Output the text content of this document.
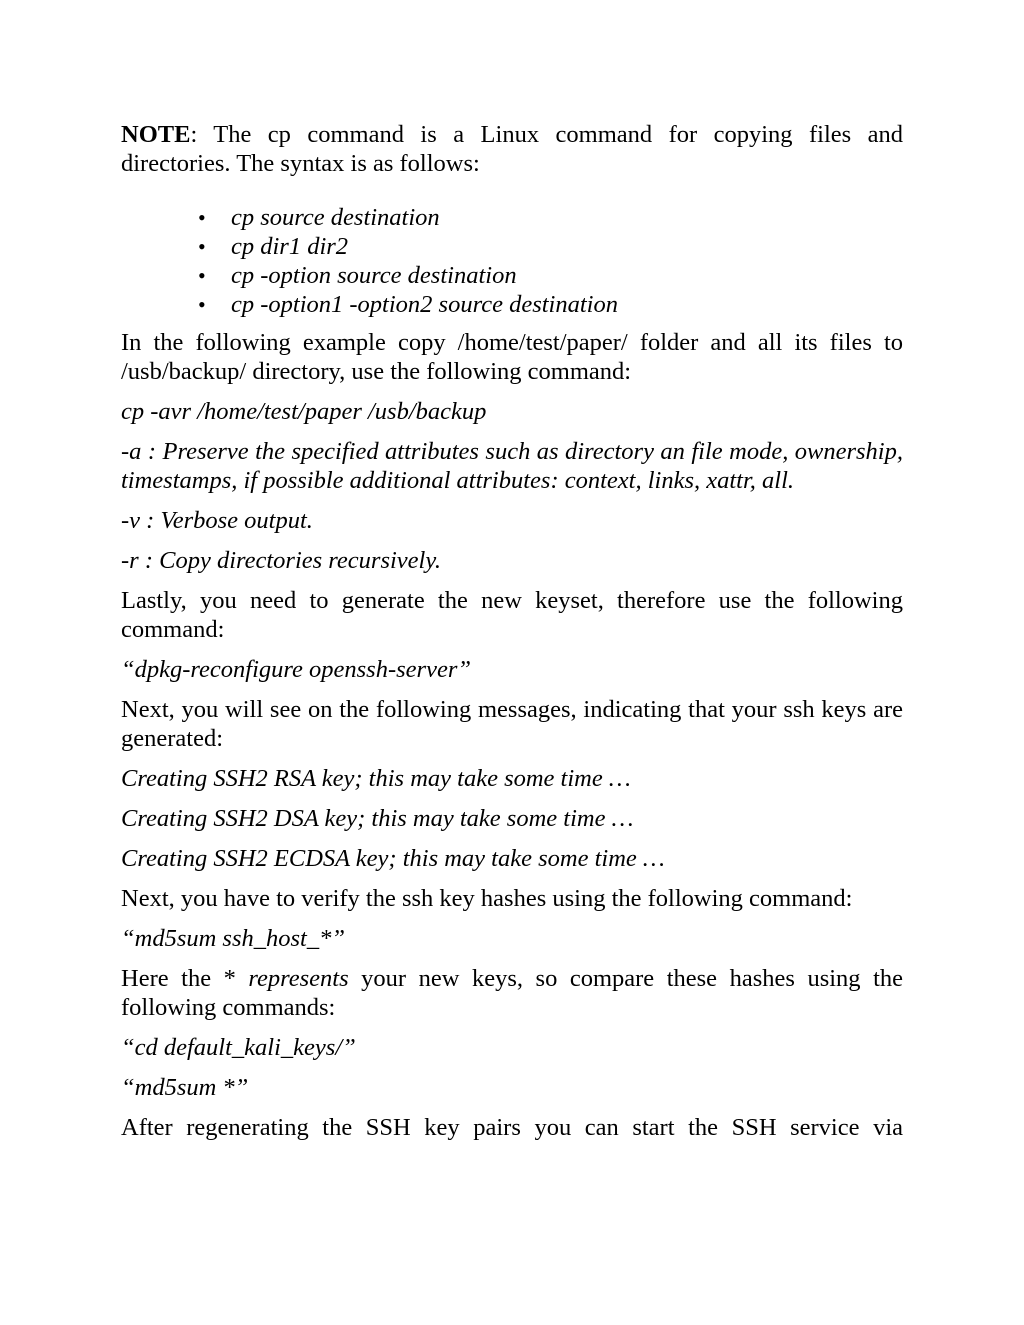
NOTE: The cp command is a Linux command for copying files and directories. The syntax is as follows:

• cp source destination
• cp dir1 dir2
• cp -option source destination
• cp -option1 -option2 source destination

In the following example copy /home/test/paper/ folder and all its files to /usb/backup/ directory, use the following command:

cp -avr /home/test/paper /usb/backup

-a : Preserve the specified attributes such as directory an file mode, ownership, timestamps, if possible additional attributes: context, links, xattr, all.

-v : Verbose output.

-r : Copy directories recursively.

Lastly, you need to generate the new keyset, therefore use the following command:

“dpkg-reconfigure openssh-server”

Next, you will see on the following messages, indicating that your ssh keys are generated:

Creating SSH2 RSA key; this may take some time …

Creating SSH2 DSA key; this may take some time …

Creating SSH2 ECDSA key; this may take some time …

Next, you have to verify the ssh key hashes using the following command:

“md5sum ssh_host_*”

Here the * represents your new keys, so compare these hashes using the following commands:

“cd default_kali_keys/”

“md5sum *”

After regenerating the SSH key pairs you can start the SSH service via
